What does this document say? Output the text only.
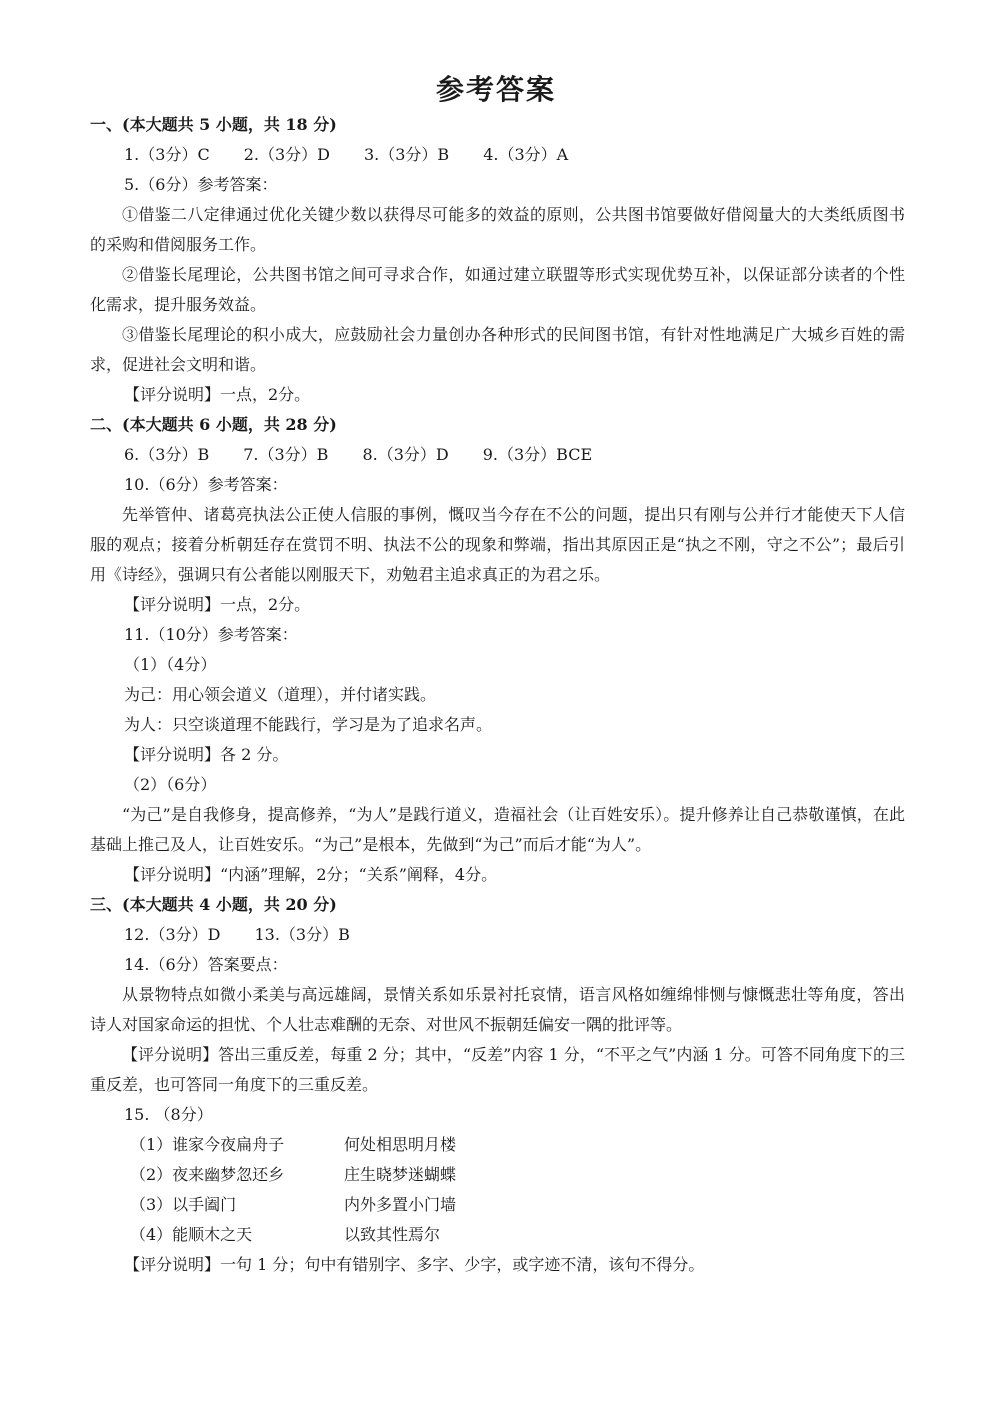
参考答案
一、(本大题共 5 小题，共 18 分)
1.（3分）C 2.（3分）D 3.（3分）B 4.（3分）A
5.（6分）参考答案：
①借鉴二八定律通过优化关键少数以获得尽可能多的效益的原则，公共图书馆要做好借阅量大的大类纸质图书的采购和借阅服务工作。
②借鉴长尾理论，公共图书馆之间可寻求合作，如通过建立联盟等形式实现优势互补，以保证部分读者的个性化需求，提升服务效益。
③借鉴长尾理论的积小成大，应鼓励社会力量创办各种形式的民间图书馆，有针对性地满足广大城乡百姓的需求，促进社会文明和谐。
【评分说明】一点，2分。
二、(本大题共 6 小题，共 28 分)
6.（3分）B 7.（3分）B 8.（3分）D 9.（3分）BCE
10.（6分）参考答案：
先举管仲、诸葛亮执法公正使人信服的事例，慨叹当今存在不公的问题，提出只有刚与公并行才能使天下人信服的观点；接着分析朝廷存在赏罚不明、执法不公的现象和弊端，指出其原因正是“执之不刚，守之不公”；最后引用《诗经》，强调只有公者能以刚服天下，劝勉君主追求真正的为君之乐。
【评分说明】一点，2分。
11.（10分）参考答案：
（1）（4分）
为己：用心领会道义（道理），并付诸实践。
为人：只空谈道理不能践行，学习是为了追求名声。
【评分说明】各 2 分。
（2）（6分）
“为己”是自我修身，提高修养，“为人”是践行道义，造福社会（让百姓安乐）。提升修养让自己恭敬谨慎，在此基础上推己及人，让百姓安乐。“为己”是根本，先做到“为己”而后才能“为人”。
【评分说明】“内涵”理解，2分；“关系”阐释，4分。
三、(本大题共 4 小题，共 20 分)
12.（3分）D 13.（3分）B
14.（6分）答案要点：
从景物特点如微小柔美与高远雄阔，景情关系如乐景衬托哀情，语言风格如缠绵悱恻与慷慨悲壮等角度，答出诗人对国家命运的担忧、个人壮志难酬的无奈、对世风不振朝廷偏安一隅的批评等。
【评分说明】答出三重反差，每重 2 分；其中，“反差”内容 1 分，“不平之气”内涵 1 分。可答不同角度下的三重反差，也可答同一角度下的三重反差。
15. （8分）
（1）谁家今夜扁舟子	何处相思明月楼
（2）夜来幽梦忽还乡	庄生晓梦迷蝴蝶
（3）以手阖门	内外多置小门墙
（4）能顺木之天	以致其性焉尔
【评分说明】一句 1 分；句中有错别字、多字、少字，或字迹不清，该句不得分。
